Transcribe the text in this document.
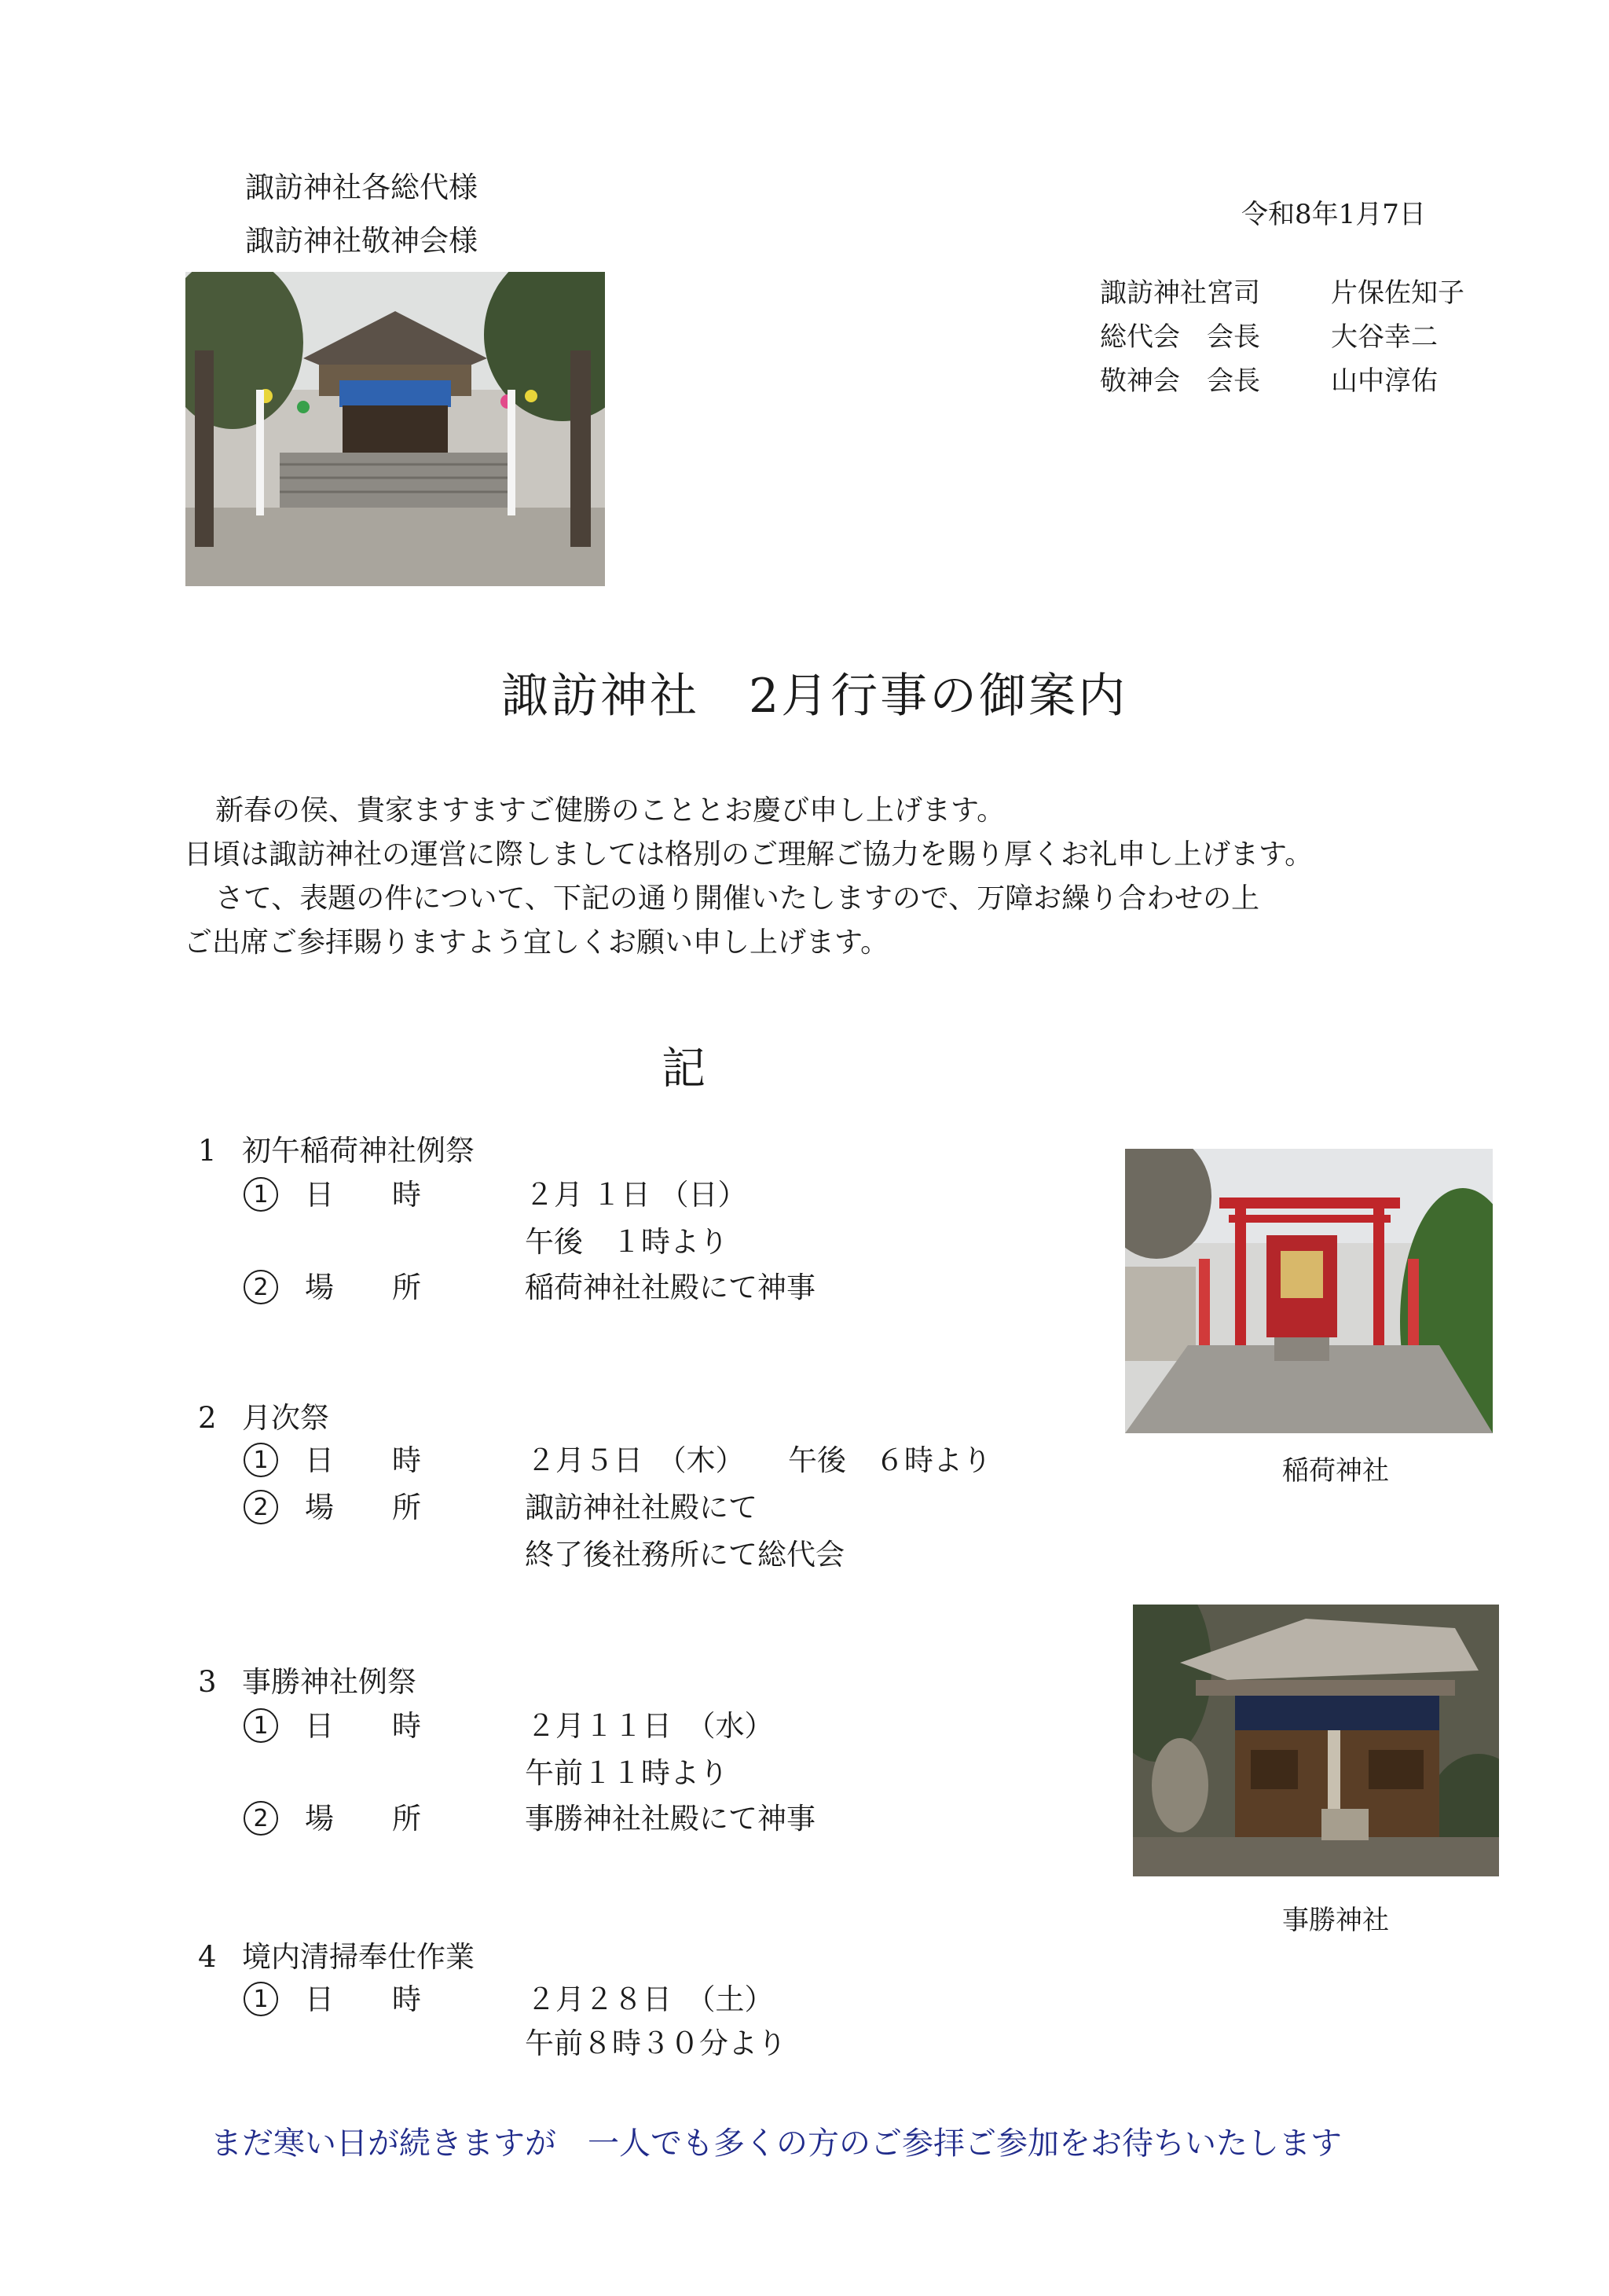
諏訪神社各総代様
諏訪神社敬神会様
令和8年1月7日
諏訪神社宮司	片保佐知子
総代会　会長	大谷幸二
敬神会　会長	山中淳佑
諏訪神社　2月行事の御案内
　新春の侯、貴家ますますご健勝のこととお慶び申し上げます。
日頃は諏訪神社の運営に際しましては格別のご理解ご協力を賜り厚くお礼申し上げます。
　さて、表題の件について、下記の通り開催いたしますので、万障お繰り合わせの上
ご出席ご参拝賜りますよう宜しくお願い申し上げます。
記
1 初午稲荷神社例祭
1	日　　時	２月 １日 （日）
午後　１時より
2	場　　所	稲荷神社社殿にて神事
2 月次祭
1	日　　時	２月５日　（木）　　午後　６時より
2	場　　所	諏訪神社社殿にて
終了後社務所にて総代会
3 事勝神社例祭
1	日　　時	２月１１日　（水）
午前１１時より
2	場　　所	事勝神社社殿にて神事
4 境内清掃奉仕作業
1	日　　時	２月２８日　（土）
午前８時３０分より
稲荷神社
事勝神社
まだ寒い日が続きますが　一人でも多くの方のご参拝ご参加をお待ちいたします
